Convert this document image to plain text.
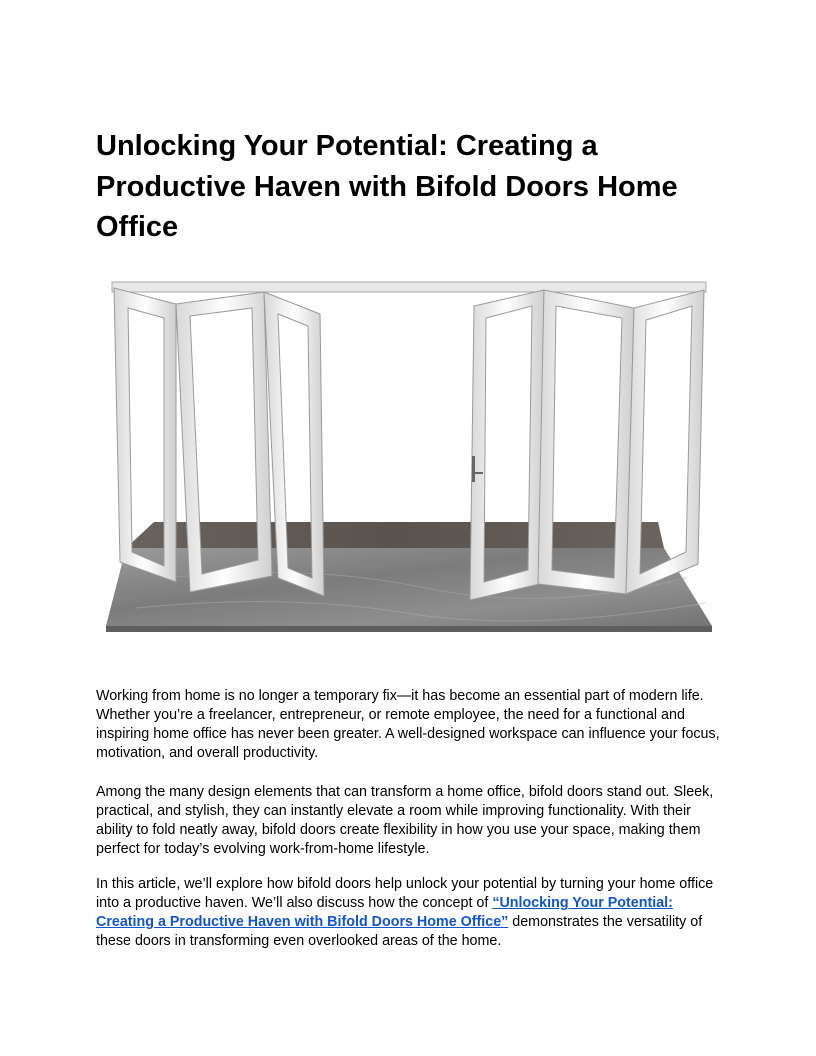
Unlocking Your Potential: Creating a Productive Haven with Bifold Doors Home Office

Working from home is no longer a temporary fix—it has become an essential part of modern life. Whether you’re a freelancer, entrepreneur, or remote employee, the need for a functional and inspiring home office has never been greater. A well-designed workspace can influence your focus, motivation, and overall productivity.

Among the many design elements that can transform a home office, bifold doors stand out. Sleek, practical, and stylish, they can instantly elevate a room while improving functionality. With their ability to fold neatly away, bifold doors create flexibility in how you use your space, making them perfect for today’s evolving work-from-home lifestyle.

In this article, we’ll explore how bifold doors help unlock your potential by turning your home office into a productive haven. We’ll also discuss how the concept of “Unlocking Your Potential: Creating a Productive Haven with Bifold Doors Home Office” demonstrates the versatility of these doors in transforming even overlooked areas of the home.
